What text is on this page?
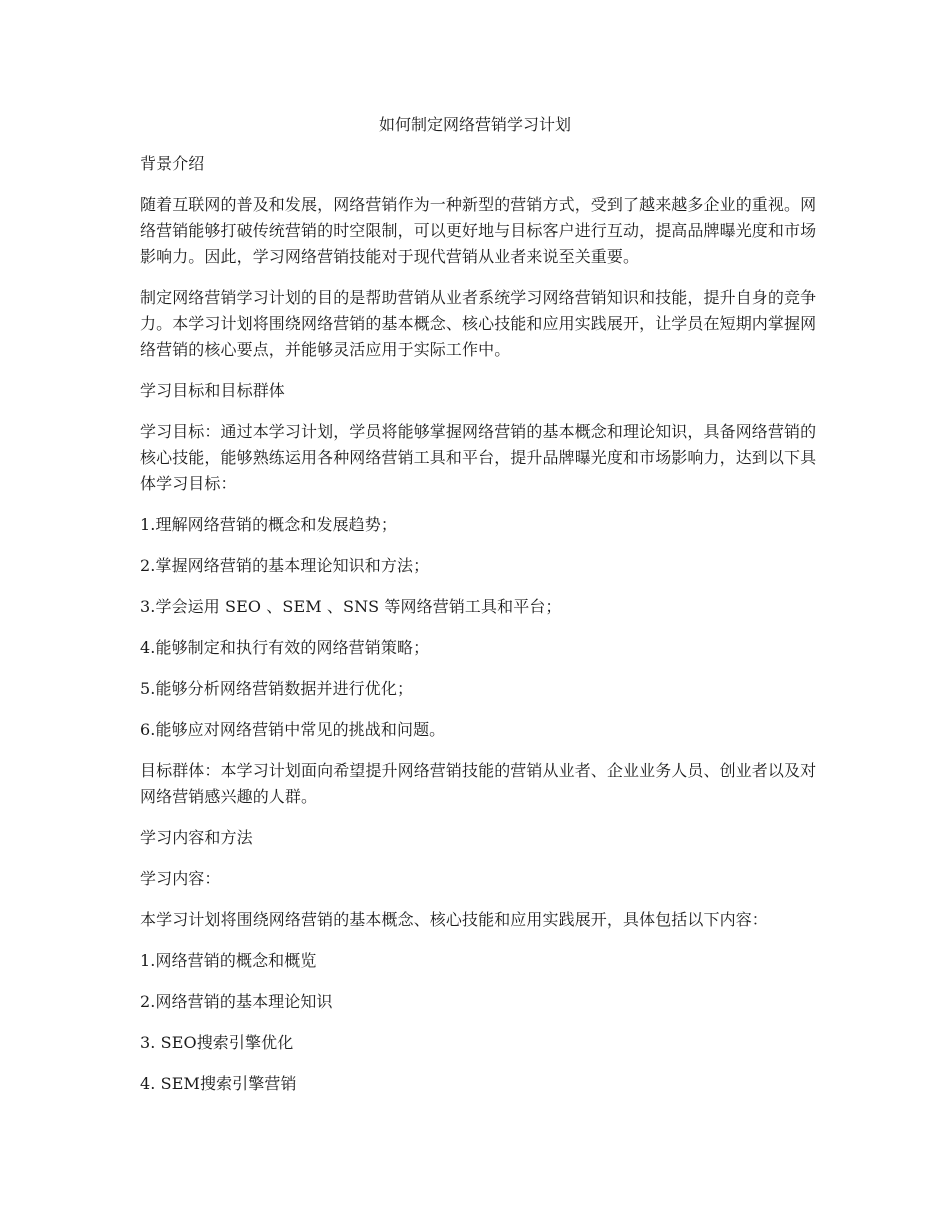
如何制定网络营销学习计划

背景介绍

随着互联网的普及和发展，网络营销作为一种新型的营销方式，受到了越来越多企业的重视。网络营销能够打破传统营销的时空限制，可以更好地与目标客户进行互动，提高品牌曝光度和市场影响力。因此，学习网络营销技能对于现代营销从业者来说至关重要。

制定网络营销学习计划的目的是帮助营销从业者系统学习网络营销知识和技能，提升自身的竞争力。本学习计划将围绕网络营销的基本概念、核心技能和应用实践展开，让学员在短期内掌握网络营销的核心要点，并能够灵活应用于实际工作中。

学习目标和目标群体

学习目标：通过本学习计划，学员将能够掌握网络营销的基本概念和理论知识，具备网络营销的核心技能，能够熟练运用各种网络营销工具和平台，提升品牌曝光度和市场影响力，达到以下具体学习目标：

1.理解网络营销的概念和发展趋势；

2.掌握网络营销的基本理论知识和方法；

3.学会运用 SEO 、SEM 、SNS 等网络营销工具和平台；

4.能够制定和执行有效的网络营销策略；

5.能够分析网络营销数据并进行优化；

6.能够应对网络营销中常见的挑战和问题。

目标群体：本学习计划面向希望提升网络营销技能的营销从业者、企业业务人员、创业者以及对网络营销感兴趣的人群。

学习内容和方法

学习内容：

本学习计划将围绕网络营销的基本概念、核心技能和应用实践展开，具体包括以下内容：

1.网络营销的概念和概览

2.网络营销的基本理论知识

3. SEO搜索引擎优化

4. SEM搜索引擎营销
